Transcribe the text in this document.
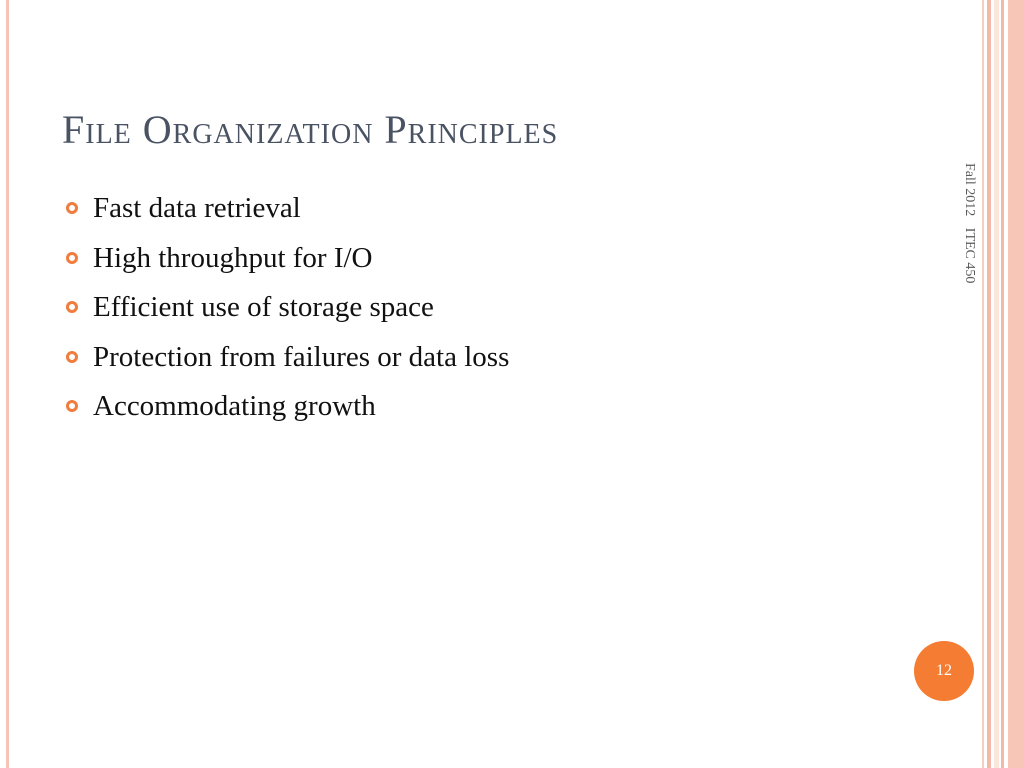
File Organization Principles
Fast data retrieval
High throughput for I/O
Efficient use of storage space
Protection from failures or data loss
Accommodating growth
Fall 2012 ITEC 450
12
